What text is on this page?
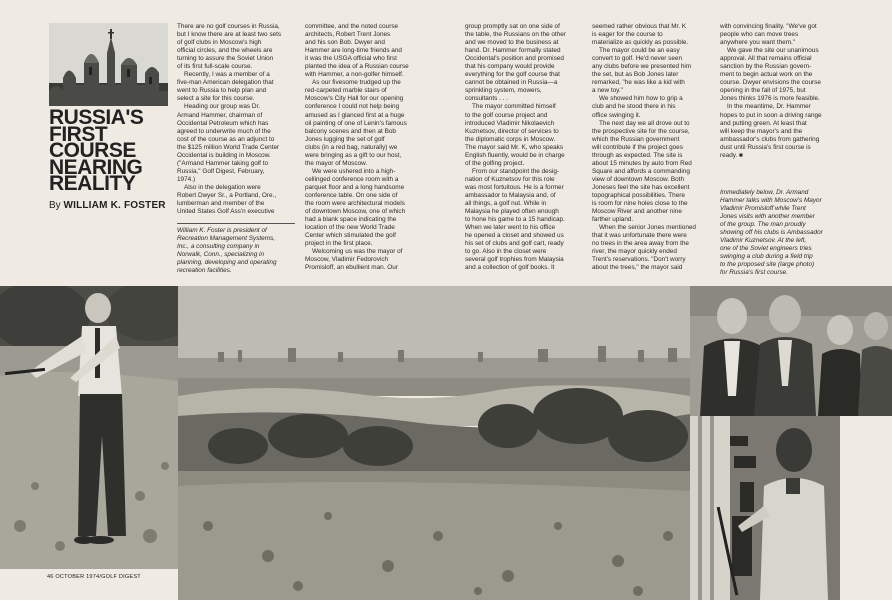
RUSSIA'S
FIRST
COURSE
NEARING
REALITY
By WILLIAM K. FOSTER

There are no golf courses in Russia,
but I know there are at least two sets
of golf clubs in Moscow's high
official circles, and the wheels are
turning to assure the Soviet Union
of its first full-scale course.

Recently, I was a member of a
five-man American delegation that
went to Russia to help plan and
select a site for this course.

Heading our group was Dr.
Armand Hammer, chairman of
Occidental Petroleum which has
agreed to underwrite much of the
cost of the course as an adjunct to
the $125 million World Trade Center
Occidental is building in Moscow.
("Armand Hammer taking golf to
Russia," Golf Digest, February,
1974.)

Also in the delegation were
Robert Dwyer Sr., a Portland, Ore.,
lumberman and member of the
United States Golf Ass'n executive

William K. Foster is president of
Recreation Management Systems,
Inc., a consulting company in
Norwalk, Conn., specializing in
planning, developing and operating
recreation facilities.

committee, and the noted course
architects, Robert Trent Jones
and his son Bob. Dwyer and
Hammer are long-time friends and
it was the USGA official who first
planted the idea of a Russian course
with Hammer, a non-golfer himself.

As our fivesome trudged up the
red-carpeted marble stairs of
Moscow's City Hall for our opening
conference I could not help being
amused as I glanced first at a huge
oil painting of one of Lenin's famous
balcony scenes and then at Bob
Jones lugging the set of golf
clubs (in a red bag, naturally) we
were bringing as a gift to our host,
the mayor of Moscow.

We were ushered into a high-
cellinged conference room with a
parquet floor and a long handsome
conference table. On one side of
the room were architectural models
of downtown Moscow, one of which
had a blank space indicating the
location of the new World Trade
Center which stimulated the golf
project in the first place.

Welcoming us was the mayor of
Moscow, Vladimir Fedorovich
Promisloff, an ebullient man. Our

group promptly sat on one side of
the table, the Russians on the other
and we moved to the business at
hand. Dr. Hammer formally stated
Occidental's position and promised
that his company would provide
everything for the golf course that
cannot be obtained in Russia—a
sprinkling system, mowers,
consultants . . .

The mayor committed himself
to the golf course project and
introduced Vladimir Nikolaevich
Kuznetsov, director of services to
the diplomatic corps in Moscow.
The mayor said Mr. K, who speaks
English fluently, would be in charge
of the golfing project.

From our standpoint the desig-
nation of Kuznetsov for this role
was most fortuitous. He is a former
ambassador to Malaysia and, of
all things, a golf nut. While in
Malaysia he played often enough
to hone his game to a 15 handicap.
When we later went to his office
he opened a closet and showed us
his set of clubs and golf cart, ready
to go. Also in the closet were
several golf trophies from Malaysia
and a collection of golf books. It

seemed rather obvious that Mr. K
is eager for the course to
materialize as quickly as possible.

The mayor could be an easy
convert to golf. He'd never seen
any clubs before we presented him
the set, but as Bob Jones later
remarked, "he was like a kid with
a new toy."

We showed him how to grip a
club and he stood there in his
office swinging it.

The next day we all drove out to
the prospective site for the course,
which the Russian government
will contribute if the project goes
through as expected. The site is
about 15 minutes by auto from Red
Square and affords a commanding
view of downtown Moscow. Both
Joneses feel the site has excellent
topographical possibilities. There
is room for nine holes close to the
Moscow River and another nine
farther upland.

When the senior Jones mentioned
that it was unfortunate there were
no trees in the area away from the
river, the mayor quickly ended
Trent's reservations. "Don't worry
about the trees," the mayor said

with convincing finality. "We've got
people who can move trees
anywhere you want them."

We gave the site our unanimous
approval. All that remains official
sanction by the Russian govern-
ment to begin actual work on the
course. Dwyer envisions the course
opening in the fall of 1975, but
Jones thinks 1976 is more feasible.

In the meantime, Dr. Hammer
hopes to put in soon a driving range
and putting green. At least that
will keep the mayor's and the
ambassador's clubs from gathering
dust until Russia's first course is
ready. ■

Immediately below, Dr. Armand
Hammer talks with Moscow's Mayor
Vladimir Promisloff while Trent
Jones visits with another member
of the group. The man proudly
showing off his clubs is Ambassador
Vladimir Kuznetsov. At the left,
one of the Soviet engineers tries
swinging a club during a field trip
to the proposed site (large photo)
for Russia's first course.

46 OCTOBER 1974/GOLF DIGEST
